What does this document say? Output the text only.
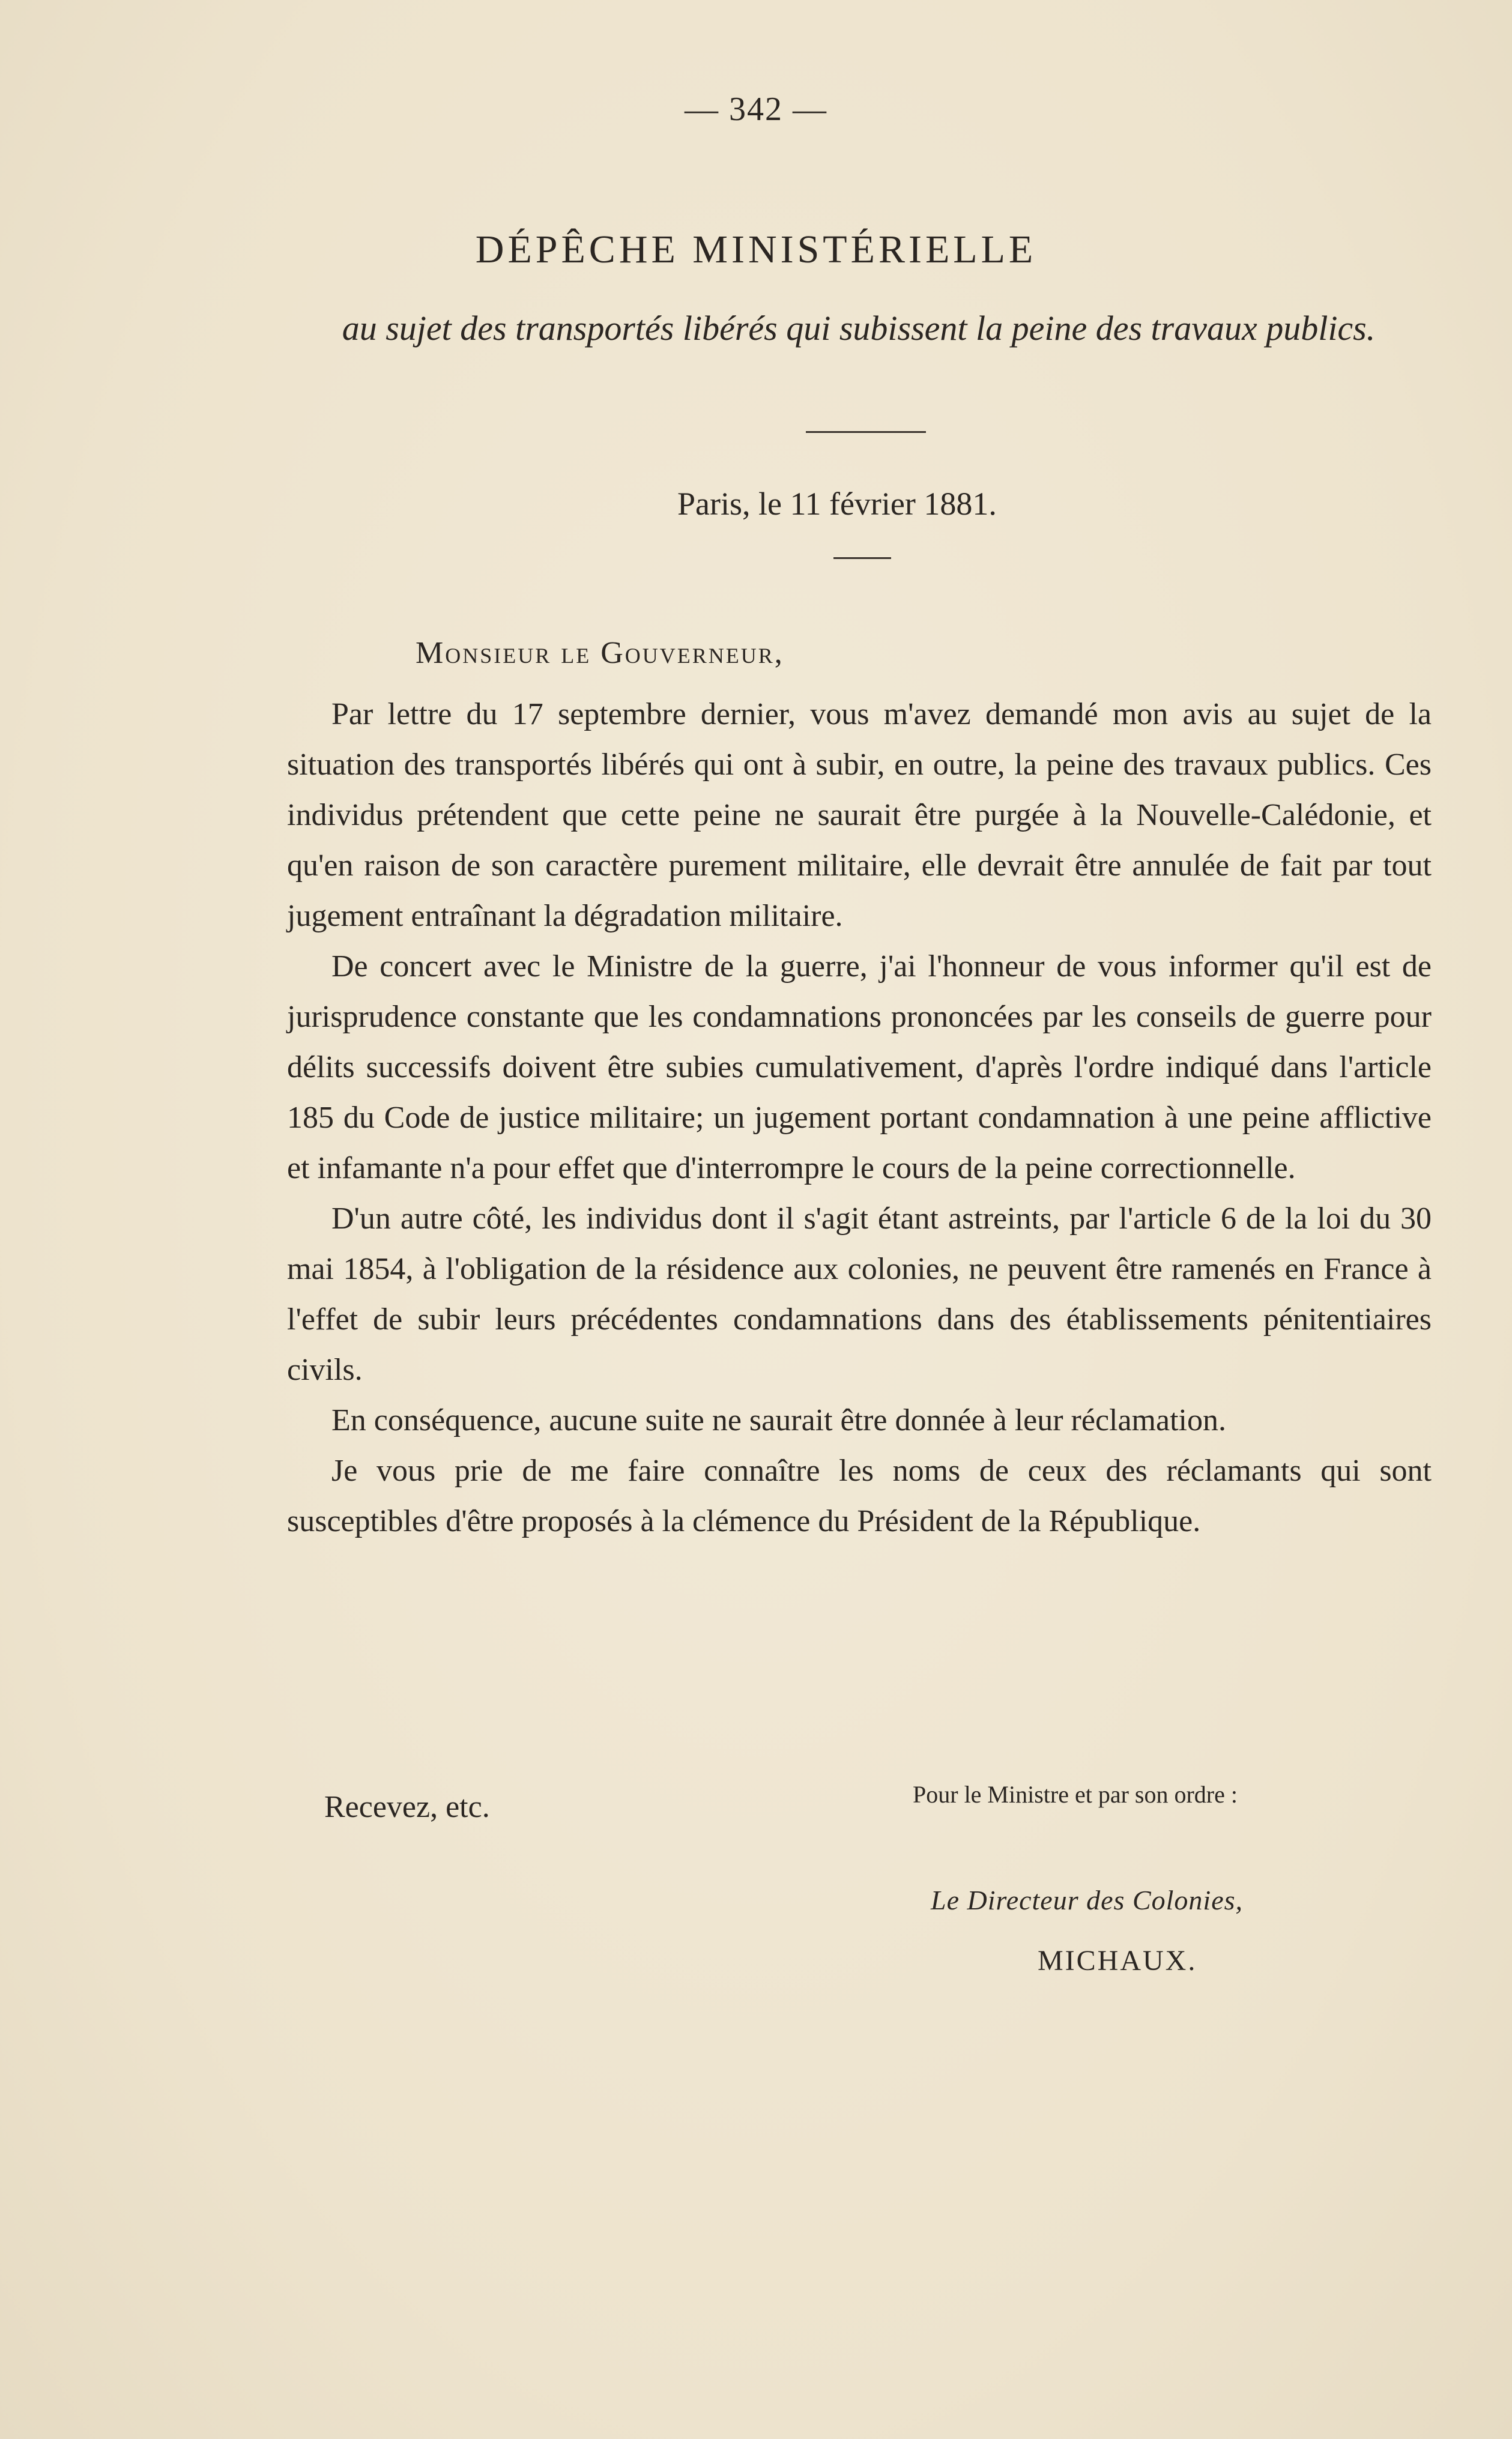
— 342 —
DÉPÊCHE MINISTÉRIELLE
au sujet des transportés libérés qui subissent la peine des travaux publics.
Paris, le 11 février 1881.
Monsieur le Gouverneur,

Par lettre du 17 septembre dernier, vous m'avez demandé mon avis au sujet de la situation des transportés libérés qui ont à subir, en outre, la peine des travaux publics. Ces individus prétendent que cette peine ne saurait être purgée à la Nouvelle-Calédonie, et qu'en raison de son caractère purement militaire, elle devrait être annulée de fait par tout jugement entraînant la dégradation militaire.

De concert avec le Ministre de la guerre, j'ai l'honneur de vous informer qu'il est de jurisprudence constante que les condamnations prononcées par les conseils de guerre pour délits successifs doivent être subies cumulativement, d'après l'ordre indiqué dans l'article 185 du Code de justice militaire; un jugement portant condamnation à une peine afflictive et infamante n'a pour effet que d'interrompre le cours de la peine correctionnelle.

D'un autre côté, les individus dont il s'agit étant astreints, par l'article 6 de la loi du 30 mai 1854, à l'obligation de la résidence aux colonies, ne peuvent être ramenés en France à l'effet de subir leurs précédentes condamnations dans des établissements pénitentiaires civils.

En conséquence, aucune suite ne saurait être donnée à leur réclamation.

Je vous prie de me faire connaître les noms de ceux des réclamants qui sont susceptibles d'être proposés à la clémence du Président de la République.

Recevez, etc.	Pour le Ministre et par son ordre :
Le Directeur des Colonies,
MICHAUX.
